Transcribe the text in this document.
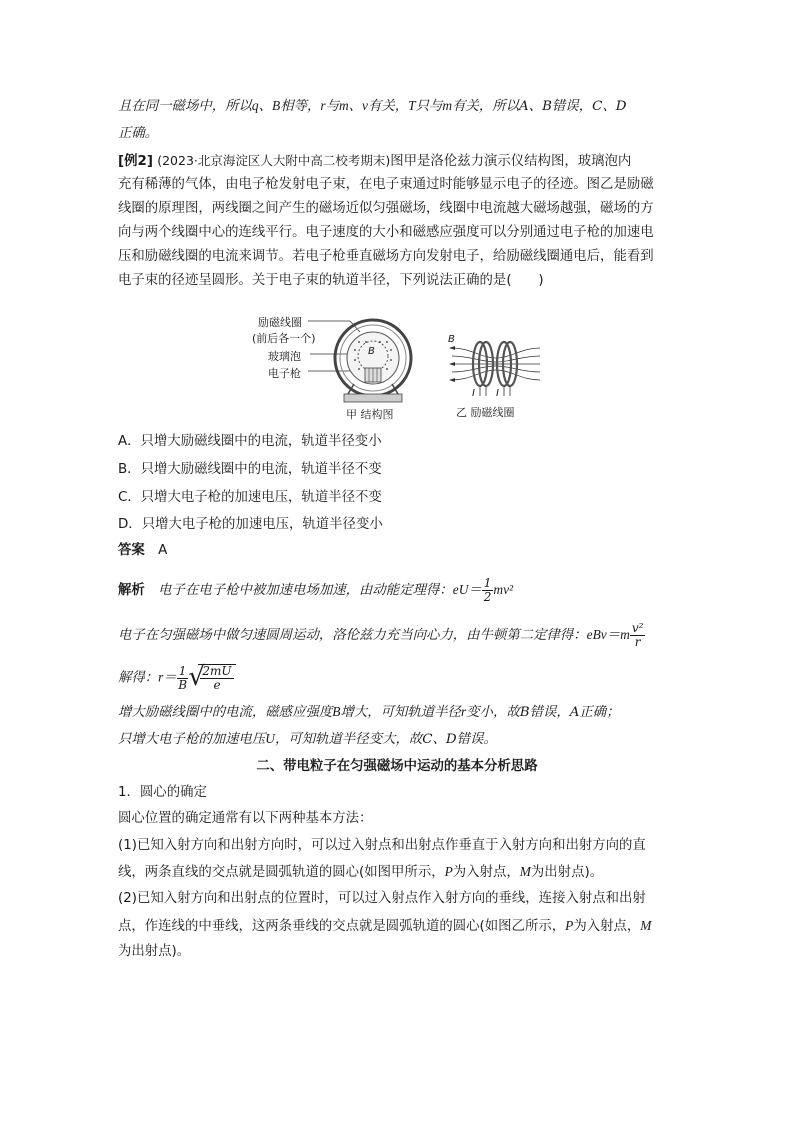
且在同一磁场中，所以q、B相等，r与m、v有关，T只与m有关，所以A、B错误，C、D
正确。
[例2] (2023·北京海淀区人大附中高二校考期末)图甲是洛伦兹力演示仪结构图，玻璃泡内
充有稀薄的气体，由电子枪发射电子束，在电子束通过时能够显示电子的径迹。图乙是励磁
线圈的原理图，两线圈之间产生的磁场近似匀强磁场，线圈中电流越大磁场越强，磁场的方
向与两个线圈中心的连线平行。电子速度的大小和磁感应强度可以分别通过电子枪的加速电
压和励磁线圈的电流来调节。若电子枪垂直磁场方向发射电子，给励磁线圈通电后，能看到
电子束的径迹呈圆形。关于电子束的轨道半径，下列说法正确的是(　　)
励磁线圈
(前后各一个)
玻璃泡
电子枪
B
甲 结构图
B
I I
乙 励磁线圈
A．只增大励磁线圈中的电流，轨道半径变小
B．只增大励磁线圈中的电流，轨道半径不变
C．只增大电子枪的加速电压，轨道半径不变
D．只增大电子枪的加速电压，轨道半径变小
答案　 A
解析　 电子在电子枪中被加速电场加速，由动能定理得：$eU= \frac{1}{2} mv^2$
电子在匀强磁场中做匀速圆周运动，洛伦兹力充当向心力，由牛顿第二定律得：$eBv=m \frac{\text{v²}}{r}$
解得：$r= \frac{1}{B}$ √
$\frac{2mU}{e}$
增大励磁线圈中的电流，磁感应强度B增大，可知轨道半径r变小，故B错误，A正确；
只增大电子枪的加速电压U，可知轨道半径变大，故C、D错误。
二、带电粒子在匀强磁场中运动的基本分析思路
1．圆心的确定
圆心位置的确定通常有以下两种基本方法：
(1)已知入射方向和出射方向时，可以过入射点和出射点作垂直于入射方向和出射方向的直
线，两条直线的交点就是圆弧轨道的圆心(如图甲所示，P为入射点，M为出射点)。
(2)已知入射方向和出射点的位置时，可以过入射点作入射方向的垂线，连接入射点和出射
点，作连线的中垂线，这两条垂线的交点就是圆弧轨道的圆心(如图乙所示，P为入射点，M
为出射点)。
